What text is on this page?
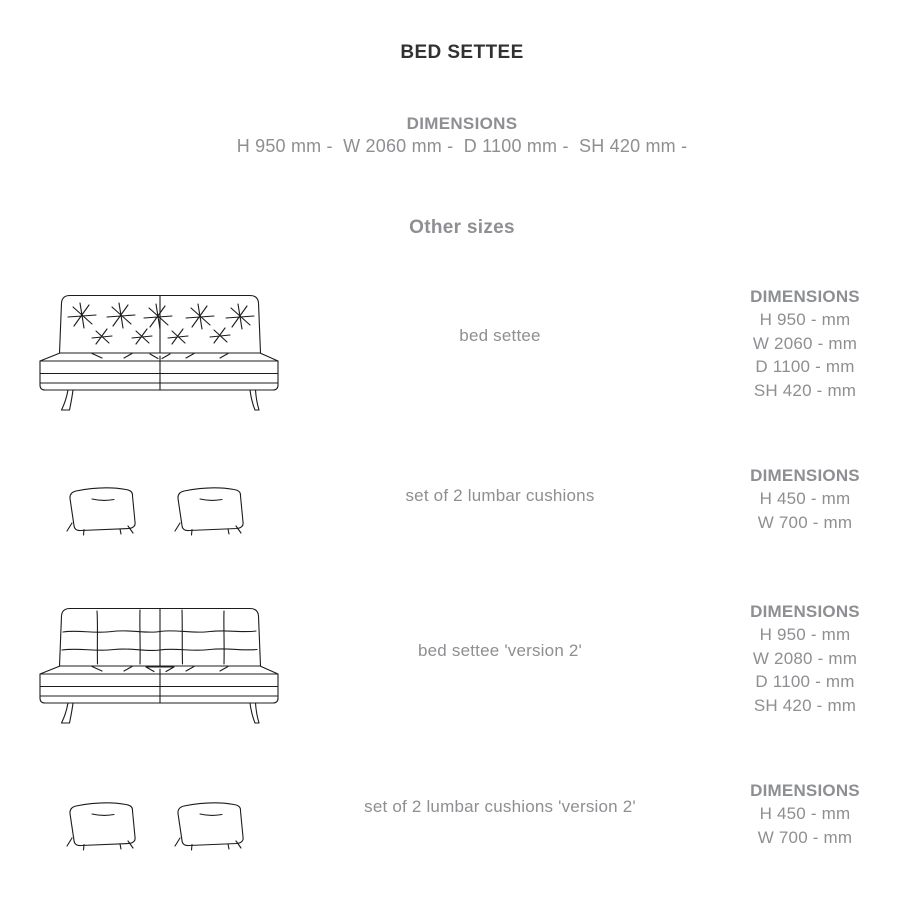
BED SETTEE
DIMENSIONS
H 950 mm -  W 2060 mm -  D 1100 mm -  SH 420 mm -
Other sizes
bed settee
DIMENSIONS
H 950 - mm
W 2060 - mm
D 1100 - mm
SH 420 - mm
set of 2 lumbar cushions
DIMENSIONS
H 450 - mm
W 700 - mm
bed settee 'version 2'
DIMENSIONS
H 950 - mm
W 2080 - mm
D 1100 - mm
SH 420 - mm
set of 2 lumbar cushions 'version 2'
DIMENSIONS
H 450 - mm
W 700 - mm
